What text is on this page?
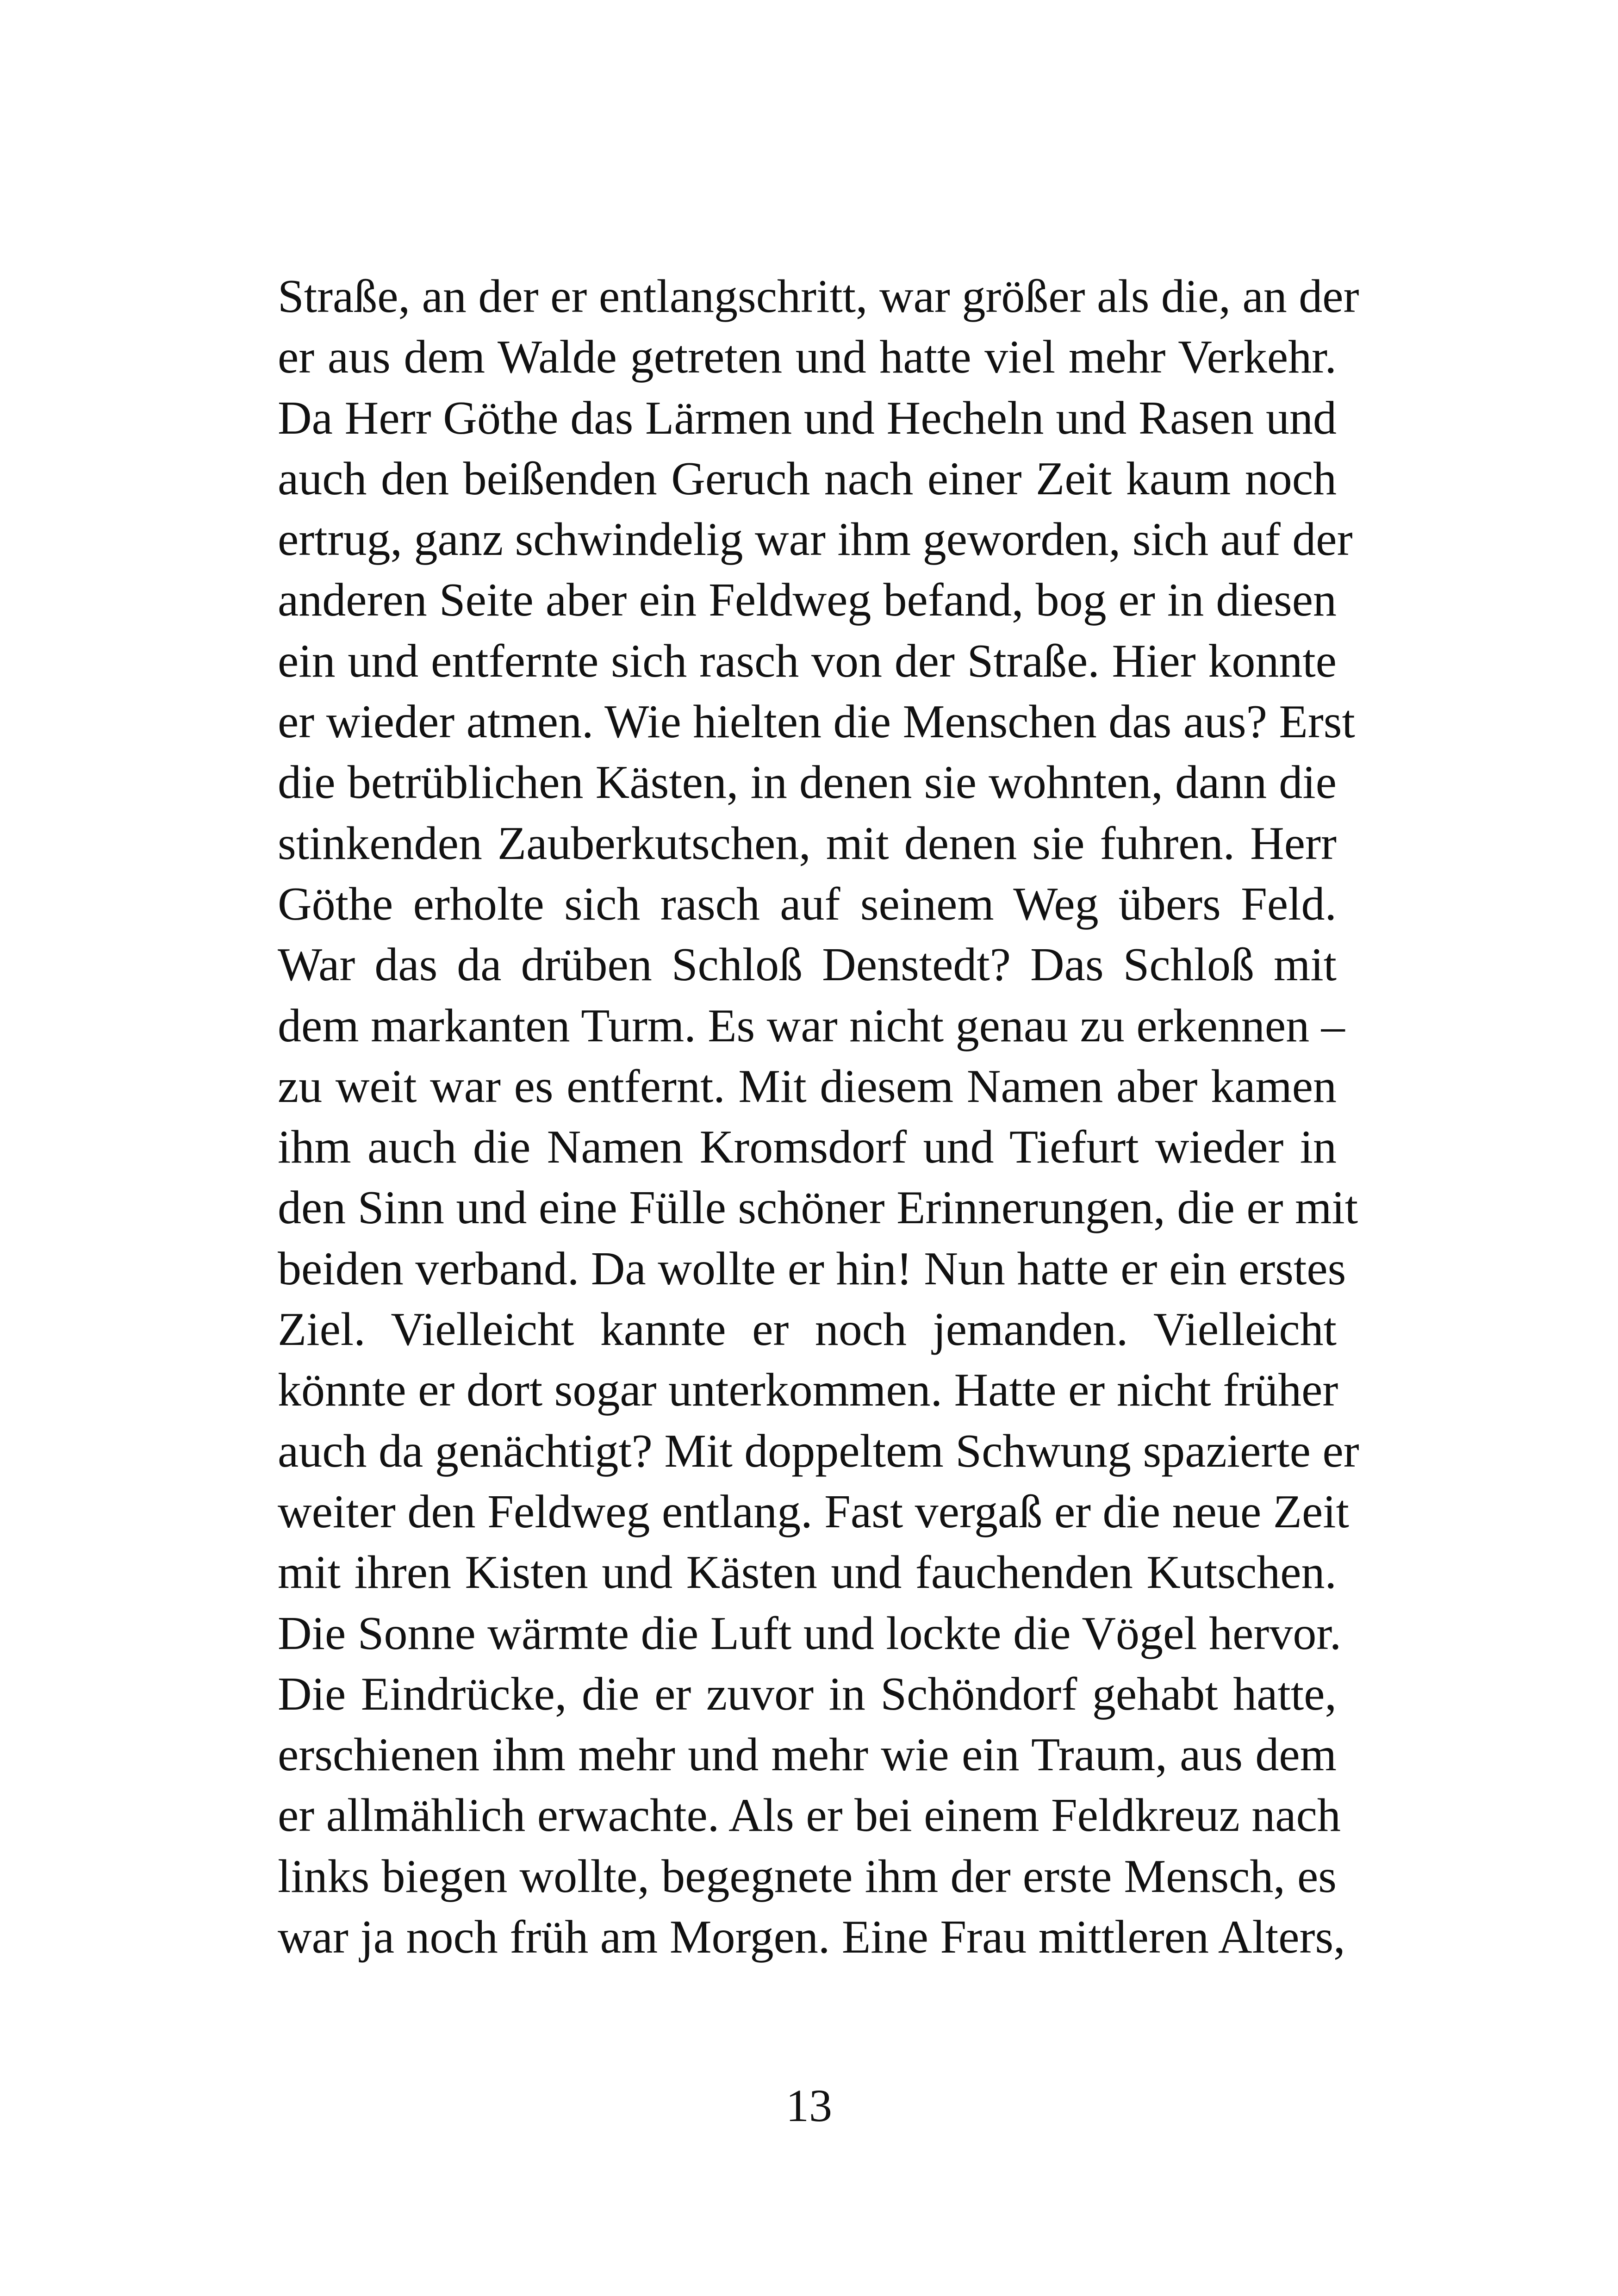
Straße, an der er entlangschritt, war größer als die, an der
er aus dem Walde getreten und hatte viel mehr Verkehr.
Da Herr Göthe das Lärmen und Hecheln und Rasen und
auch den beißenden Geruch nach einer Zeit kaum noch
ertrug, ganz schwindelig war ihm geworden, sich auf der
anderen Seite aber ein Feldweg befand, bog er in diesen
ein und entfernte sich rasch von der Straße. Hier konnte
er wieder atmen. Wie hielten die Menschen das aus? Erst
die betrüblichen Kästen, in denen sie wohnten, dann die
stinkenden Zauberkutschen, mit denen sie fuhren. Herr
Göthe erholte sich rasch auf seinem Weg übers Feld.
War das da drüben Schloß Denstedt? Das Schloß mit
dem markanten Turm. Es war nicht genau zu erkennen –
zu weit war es entfernt. Mit diesem Namen aber kamen
ihm auch die Namen Kromsdorf und Tiefurt wieder in
den Sinn und eine Fülle schöner Erinnerungen, die er mit
beiden verband. Da wollte er hin! Nun hatte er ein erstes
Ziel. Vielleicht kannte er noch jemanden. Vielleicht
könnte er dort sogar unterkommen. Hatte er nicht früher
auch da genächtigt? Mit doppeltem Schwung spazierte er
weiter den Feldweg entlang. Fast vergaß er die neue Zeit
mit ihren Kisten und Kästen und fauchenden Kutschen.
Die Sonne wärmte die Luft und lockte die Vögel hervor.
Die Eindrücke, die er zuvor in Schöndorf gehabt hatte,
erschienen ihm mehr und mehr wie ein Traum, aus dem
er allmählich erwachte. Als er bei einem Feldkreuz nach
links biegen wollte, begegnete ihm der erste Mensch, es
war ja noch früh am Morgen. Eine Frau mittleren Alters,
13
